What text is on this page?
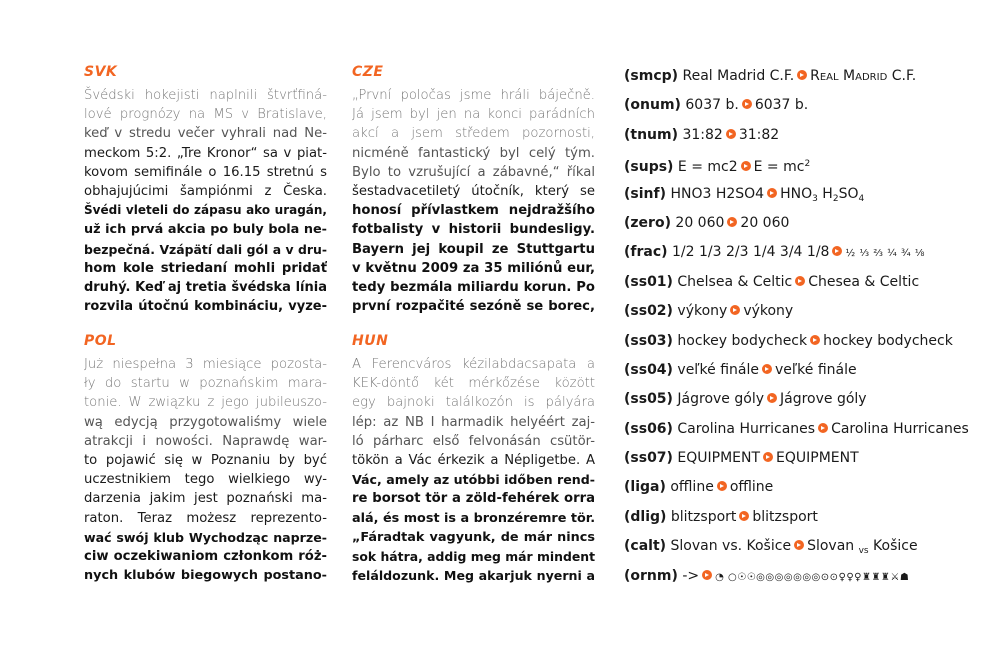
SVK
Švédski hokejisti naplnili štvrťfiná-
lové prognózy na MS v Bratislave,
keď v stredu večer vyhrali nad Ne-
meckom 5:2. „Tre Kronor“ sa v piat-
kovom semifinále o 16.15 stretnú s
obhajujúcimi šampiónmi z Česka.
Švédi vleteli do zápasu ako uragán,
už ich prvá akcia po buly bola ne-
bezpečná. Vzápätí dali gól a v dru-
hom kole striedaní mohli pridať
druhý. Keď aj tretia švédska línia
rozvila útočnú kombináciu, vyze-
CZE
„První poločas jsme hráli báječně.
Já jsem byl jen na konci parádních
akcí a jsem středem pozornosti,
nicméně fantastický byl celý tým.
Bylo to vzrušující a zábavné,“ říkal
šestadvacetiletý útočník, který se
honosí přívlastkem nejdražšího
fotbalisty v historii bundesligy.
Bayern jej koupil ze Stuttgartu
v květnu 2009 za 35 miliónů eur,
tedy bezmála miliardu korun. Po
první rozpačité sezóně se borec,
POL
Już niespełna 3 miesiące pozosta-
ły do startu w poznańskim mara-
tonie. W związku z jego jubileuszo-
wą edycją przygotowaliśmy wiele
atrakcji i nowości. Naprawdę war-
to pojawić się w Poznaniu by być
uczestnikiem tego wielkiego wy-
darzenia jakim jest poznański ma-
raton. Teraz możesz reprezento-
wać swój klub Wychodząc naprze-
ciw oczekiwaniom członkom róż-
nych klubów biegowych postano-
HUN
A Ferencváros kézilabdacsapata a
KEK-döntő két mérkőzése között
egy bajnoki találkozón is pályára
lép: az NB I harmadik helyéért zaj-
ló párharc első felvonásán csütör-
tökön a Vác érkezik a Népligetbe. A
Vác, amely az utóbbi időben rend-
re borsot tör a zöld-fehérek orra
alá, és most is a bronzéremre tör.
„Fáradtak vagyunk, de már nincs
sok hátra, addig meg már mindent
feláldozunk. Meg akarjuk nyerni a
(smcp) Real Madrid C.F. Real Madrid C.F.
(onum) 6037 b. 6037 b.
(tnum) 31:82 31:82
(sups) E = mc2 $E = mc^2$
(sinf) HNO3 H2SO4 $HNO_3$ $H_2SO_4$
(zero) 20 060 20 060
(frac) 1/2 1/3 2/3 1/4 3/4 1/8 ½ ⅓ ⅔ ¼ ¾ ⅛
(ss01) Chelsea & Celtic Chesea & Celtic
(ss02) výkony výkony
(ss03) hockey bodycheck hockey bodycheck
(ss04) veľké finále veľké finále
(ss05) Jágrove góly Jágrove góly
(ss06) Carolina Hurricanes Carolina Hurricanes
(ss07) EQUIPMENT EQUIPMENT
(liga) offline offline
(dlig) blitzsport blitzsport
(calt) Slovan vs. Košice Slovan $_{vs}$ Košice
(ornm) -> ◔ ○☉☉◎◎◎◎◎◎◎⊙⊙♀♀♀♜♜♜⚔☗
